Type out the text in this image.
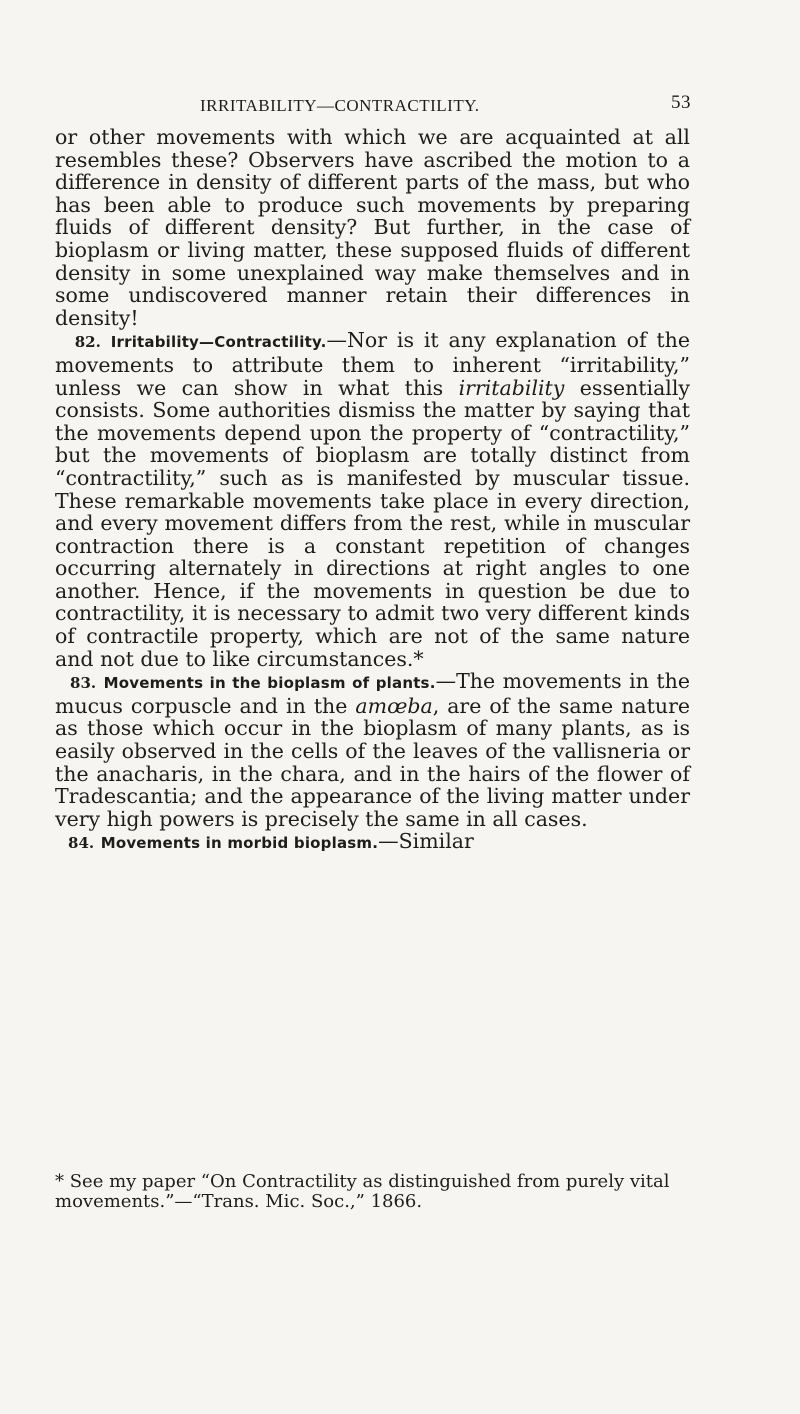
IRRITABILITY—CONTRACTILITY.	53

or other movements with which we are acquainted at all resembles these? Observers have ascribed the motion to a difference in density of different parts of the mass, but who has been able to produce such movements by preparing fluids of different density? But further, in the case of bioplasm or living matter, these supposed fluids of different density in some unexplained way make themselves and in some undiscovered manner retain their differences in density!

82. Irritability—Contractility.—Nor is it any explanation of the movements to attribute them to inherent “irritability,” unless we can show in what this irritability essentially consists. Some authorities dismiss the matter by saying that the movements depend upon the property of “contractility,” but the movements of bioplasm are totally distinct from “contractility,” such as is manifested by muscular tissue. These remarkable movements take place in every direction, and every movement differs from the rest, while in muscular contraction there is a constant repetition of changes occurring alternately in directions at right angles to one another. Hence, if the movements in question be due to contractility, it is necessary to admit two very different kinds of contractile property, which are not of the same nature and not due to like circumstances.*

83. Movements in the bioplasm of plants.—The movements in the mucus corpuscle and in the amœba, are of the same nature as those which occur in the bioplasm of many plants, as is easily observed in the cells of the leaves of the vallisneria or the anacharis, in the chara, and in the hairs of the flower of Tradescantia; and the appearance of the living matter under very high powers is precisely the same in all cases.

84. Movements in morbid bioplasm.—Similar

* See my paper “On Contractility as distinguished from purely vital movements.”—“Trans. Mic. Soc.,” 1866.
